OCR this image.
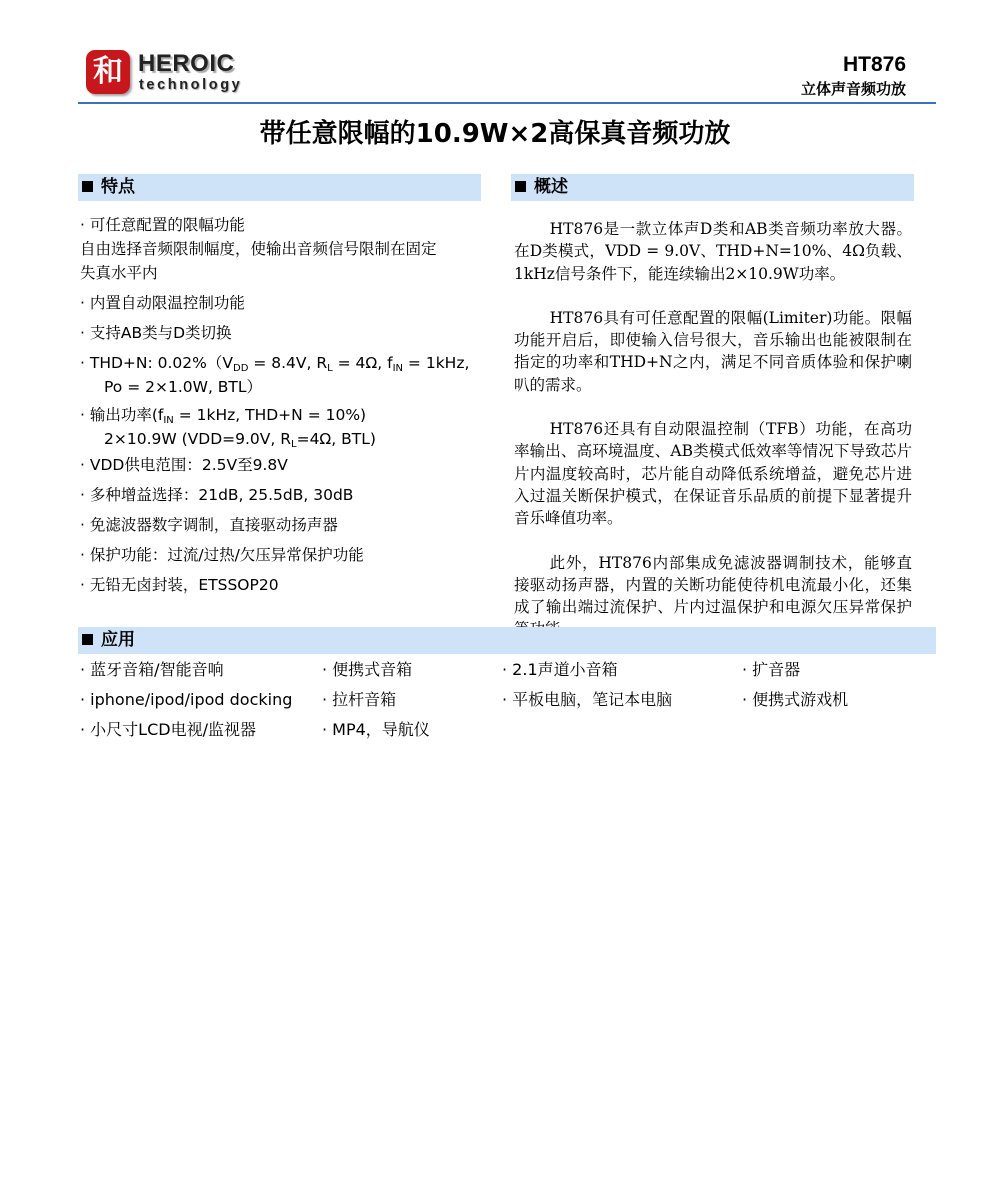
和 HEROIC
technology
HT876
立体声音频功放
带任意限幅的10.9W×2高保真音频功放
特点
· 可任意配置的限幅功能
自由选择音频限制幅度，使输出音频信号限制在固定
失真水平内
· 内置自动限温控制功能
· 支持AB类与D类切换
· THD+N: $0.02\%(V_{DD} = 8.4V$, $R_L = 4\Omega$, $f_{IN} = 1kHz$,
Po = 2×1.0W, BTL）
· 输出功率($f_{IN} = 1kHz$, THD+N = 10%)
2×10.9W (VDD=9.0V, $R_L=4\Omega$, BTL)
· VDD供电范围：2.5V至9.8V
· 多种增益选择：21dB, 25.5dB, 30dB
· 免滤波器数字调制，直接驱动扬声器
· 保护功能：过流/过热/欠压异常保护功能
· 无铅无卤封装，ETSSOP20
概述

HT876是一款立体声D类和AB类音频功率放大器。在D类模式，VDD = 9.0V、THD+N=10%、4Ω负载、1kHz信号条件下，能连续输出2×10.9W功率。

HT876具有可任意配置的限幅(Limiter)功能。限幅功能开启后，即使输入信号很大，音乐输出也能被限制在指定的功率和THD+N之内，满足不同音质体验和保护喇叭的需求。

HT876还具有自动限温控制（TFB）功能，在高功率输出、高环境温度、AB类模式低效率等情况下导致芯片片内温度较高时，芯片能自动降低系统增益，避免芯片进入过温关断保护模式，在保证音乐品质的前提下显著提升音乐峰值功率。

此外，HT876内部集成免滤波器调制技术，能够直接驱动扬声器，内置的关断功能使待机电流最小化，还集成了输出端过流保护、片内过温保护和电源欠压异常保护

应用
· 蓝牙音箱/智能音响	· 便携式音箱	· 2.1声道小音箱	· 扩音器
· iphone/ipod/ipod docking · 拉杆音箱	· 平板电脑，笔记本电脑	· 便携式游戏机
· 小尺寸LCD电视/监视器	· MP4，导航仪
